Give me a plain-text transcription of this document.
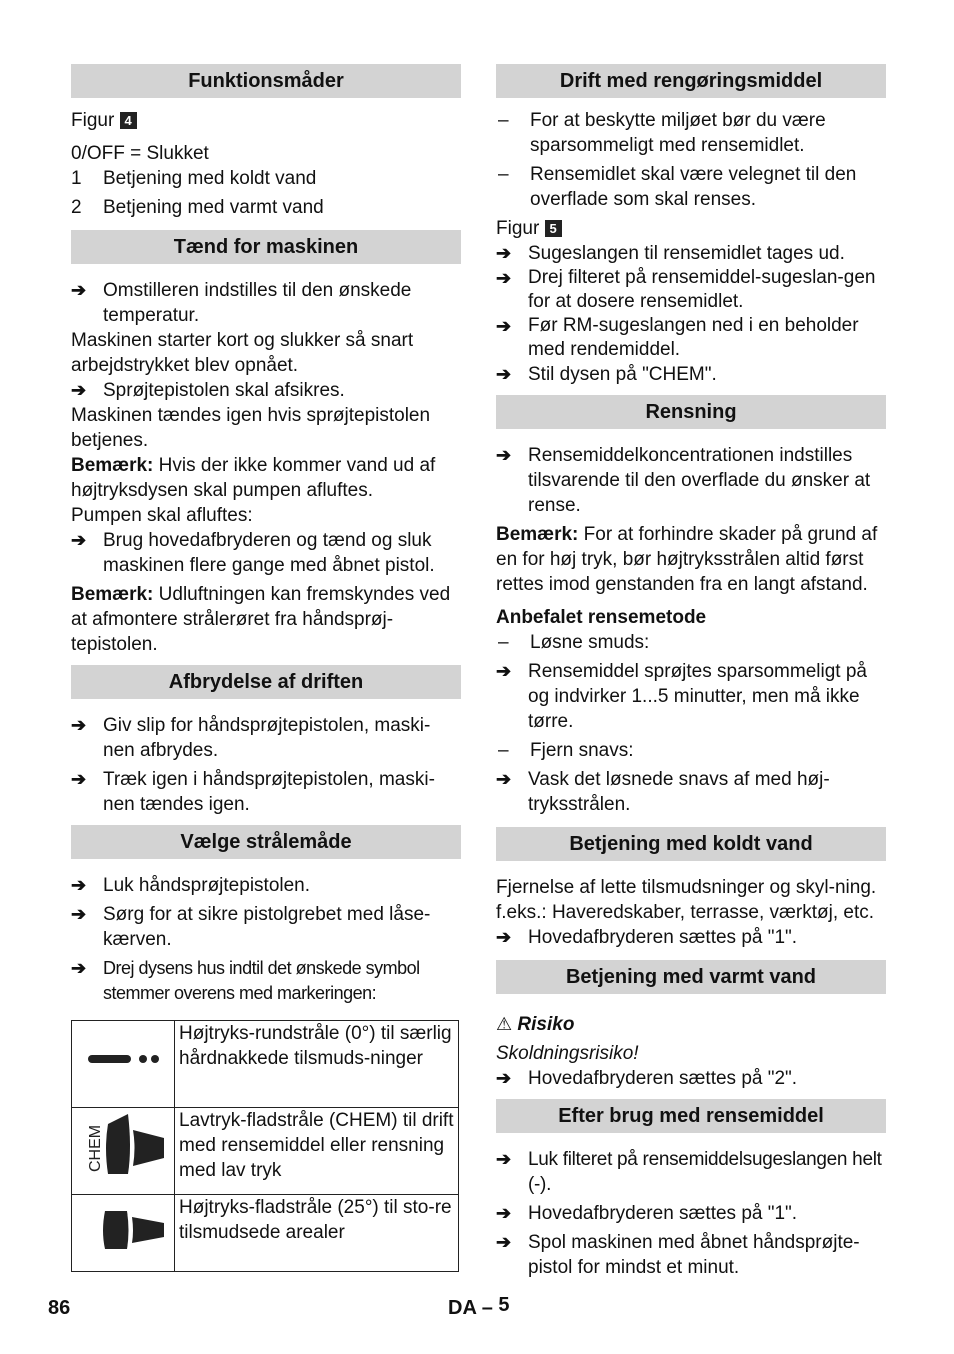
Funktionsmåder

Figur 4

0/OFF = Slukket

1	Betjening med koldt vand
2	Betjening med varmt vand
Tænd for maskinen
➔ Omstilleren indstilles til den ønskede temperatur.

Maskinen starter kort og slukker så snart arbejdstrykket blev opnået.

➔ Sprøjtepistolen skal afsikres.

Maskinen tændes igen hvis sprøjtepistolen betjenes.

Bemærk: Hvis der ikke kommer vand ud af højtryksdysen skal pumpen afluftes.

Pumpen skal afluftes:

➔ Brug hovedafbryderen og tænd og sluk maskinen flere gange med åbnet pistol.

Bemærk: Udluftningen kan fremskyndes ved at afmontere strålerøret fra håndsprøj-tepistolen.

Afbrydelse af driften
➔ Giv slip for håndsprøjtepistolen, maski-nen afbrydes.
➔ Træk igen i håndsprøjtepistolen, maski-nen tændes igen.
Vælge strålemåde
➔ Luk håndsprøjtepistolen.
➔ Sørg for at sikre pistolgrebet med låse-kærven.
➔ Drej dysens hus indtil det ønskede symbol stemmer overens med markeringen:
	Højtryks-rundstråle (0°) til særlig hårdnakkede tilsmuds-ninger

CHEM	Lavtryk-fladstråle (CHEM) til drift med rensemiddel eller rensning med lav tryk
	Højtryks-fladstråle (25°) til sto-re tilsmudsede arealer
Drift med rengøringsmiddel
–	For at beskytte miljøet bør du være sparsommeligt med rensemidlet.
–	Rensemidlet skal være velegnet til den overflade som skal renses.

Figur 5

➔ Sugeslangen til rensemidlet tages ud.
➔ Drej filteret på rensemiddel-sugeslan-gen for at dosere rensemidlet.
➔ Før RM-sugeslangen ned i en beholder med rendemiddel.
➔ Stil dysen på "CHEM".
Rensning
➔ Rensemiddelkoncentrationen indstilles tilsvarende til den overflade du ønsker at rense.

Bemærk: For at forhindre skader på grund af en for høj tryk, bør højtryksstrålen altid først rettes imod genstanden fra en langt afstand.

Anbefalet rensemetode

–	Løsne smuds:
➔ Rensemiddel sprøjtes sparsommeligt på og indvirker 1...5 minutter, men må ikke tørre.
–	Fjern snavs:
➔ Vask det løsnede snavs af med høj-tryksstrålen.
Betjening med koldt vand

Fjernelse af lette tilsmudsninger og skyl-ning. f.eks.: Haveredskaber, terrasse, værktøj, etc.

➔ Hovedafbryderen sættes på "1".
Betjening med varmt vand

⚠ Risiko

Skoldningsrisiko!

➔ Hovedafbryderen sættes på "2".
Efter brug med rensemiddel
➔ Luk filteret på rensemiddelsugeslangen helt (-).
➔ Hovedafbryderen sættes på "1".
➔ Spol maskinen med åbnet håndsprøjte-pistol for mindst et minut.
86	DA – 5
